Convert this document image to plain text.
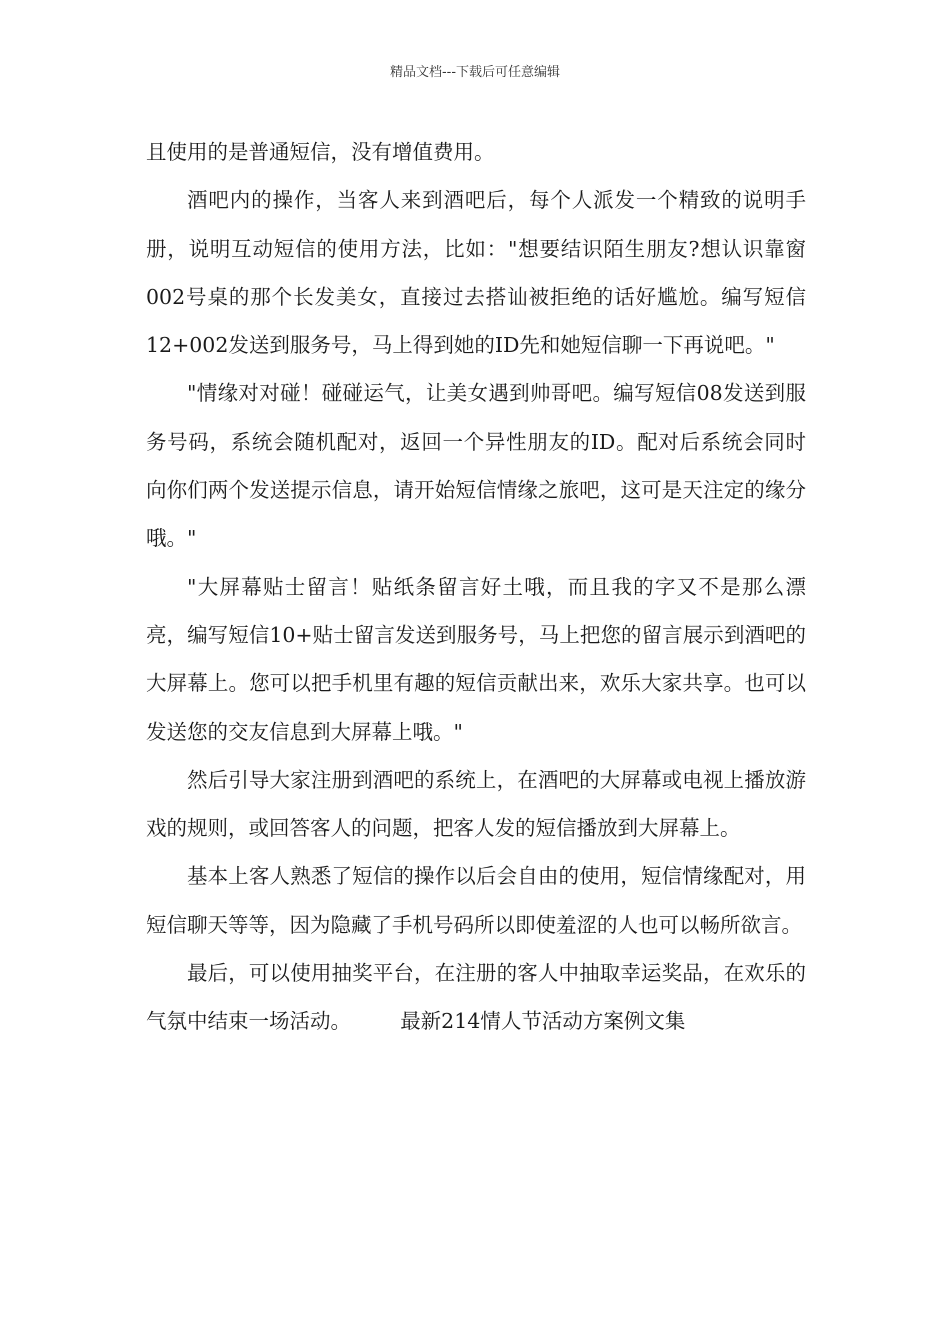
精品文档---下载后可任意编辑

且使用的是普通短信，没有增值费用。

酒吧内的操作，当客人来到酒吧后，每个人派发一个精致的说明手册，说明互动短信的使用方法，比如："想要结识陌生朋友?想认识靠窗002号桌的那个长发美女，直接过去搭讪被拒绝的话好尴尬。编写短信12+002发送到服务号，马上得到她的ID先和她短信聊一下再说吧。"

"情缘对对碰！碰碰运气，让美女遇到帅哥吧。编写短信08发送到服务号码，系统会随机配对，返回一个异性朋友的ID。配对后系统会同时向你们两个发送提示信息，请开始短信情缘之旅吧，这可是天注定的缘分哦。"

"大屏幕贴士留言！贴纸条留言好土哦，而且我的字又不是那么漂亮，编写短信10+贴士留言发送到服务号，马上把您的留言展示到酒吧的大屏幕上。您可以把手机里有趣的短信贡献出来，欢乐大家共享。也可以发送您的交友信息到大屏幕上哦。"

然后引导大家注册到酒吧的系统上，在酒吧的大屏幕或电视上播放游戏的规则，或回答客人的问题，把客人发的短信播放到大屏幕上。

基本上客人熟悉了短信的操作以后会自由的使用，短信情缘配对，用短信聊天等等，因为隐藏了手机号码所以即使羞涩的人也可以畅所欲言。

最后，可以使用抽奖平台，在注册的客人中抽取幸运奖品，在欢乐的气氛中结束一场活动。 最新214情人节活动方案例文集
